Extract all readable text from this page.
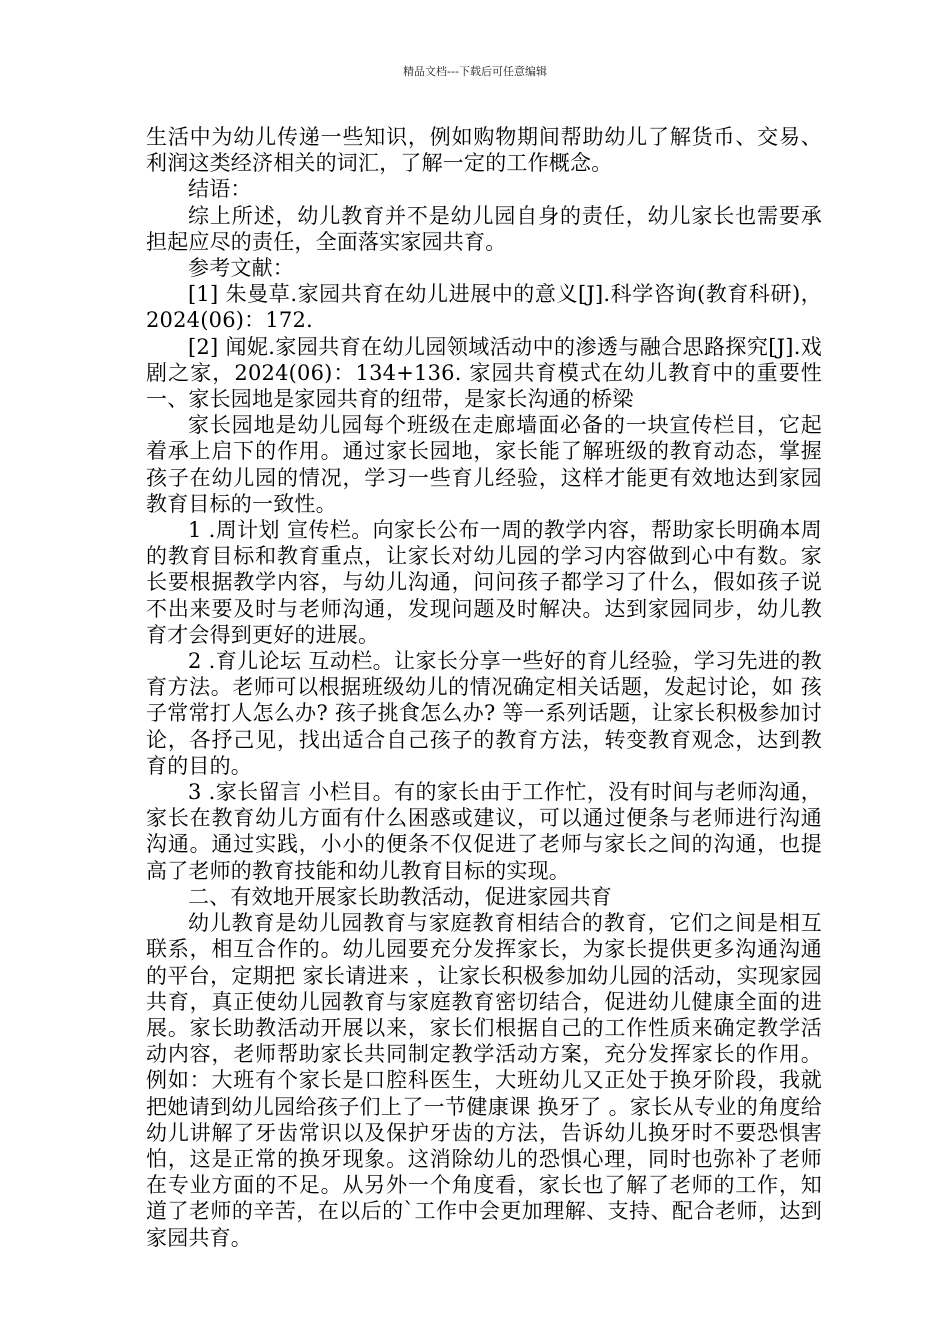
精品文档---下载后可任意编辑

生活中为幼儿传递一些知识，例如购物期间帮助幼儿了解货币、交易、利润这类经济相关的词汇，了解一定的工作概念。

结语：

综上所述，幼儿教育并不是幼儿园自身的责任，幼儿家长也需要承担起应尽的责任，全面落实家园共育。

参考文献：

[1] 朱曼草.家园共育在幼儿进展中的意义[J].科学咨询(教育科研)，2024(06)：172.

[2] 闻妮.家园共育在幼儿园领域活动中的渗透与融合思路探究[J].戏剧之家，2024(06)：134+136. 家园共育模式在幼儿教育中的重要性 一、家长园地是家园共育的纽带，是家长沟通的桥梁

家长园地是幼儿园每个班级在走廊墙面必备的一块宣传栏目，它起着承上启下的作用。通过家长园地，家长能了解班级的教育动态，掌握孩子在幼儿园的情况，学习一些育儿经验，这样才能更有效地达到家园教育目标的一致性。

1 .周计划 宣传栏。向家长公布一周的教学内容，帮助家长明确本周的教育目标和教育重点，让家长对幼儿园的学习内容做到心中有数。家长要根据教学内容，与幼儿沟通，问问孩子都学习了什么，假如孩子说不出来要及时与老师沟通，发现问题及时解决。达到家园同步，幼儿教育才会得到更好的进展。

2 .育儿论坛 互动栏。让家长分享一些好的育儿经验，学习先进的教育方法。老师可以根据班级幼儿的情况确定相关话题，发起讨论，如 孩子常常打人怎么办? 孩子挑食怎么办? 等一系列话题，让家长积极参加讨论，各抒己见，找出适合自己孩子的教育方法，转变教育观念，达到教育的目的。

3 .家长留言 小栏目。有的家长由于工作忙，没有时间与老师沟通，家长在教育幼儿方面有什么困惑或建议，可以通过便条与老师进行沟通沟通。通过实践，小小的便条不仅促进了老师与家长之间的沟通，也提高了老师的教育技能和幼儿教育目标的实现。

二、有效地开展家长助教活动，促进家园共育

幼儿教育是幼儿园教育与家庭教育相结合的教育，它们之间是相互联系，相互合作的。幼儿园要充分发挥家长，为家长提供更多沟通沟通的平台，定期把 家长请进来 ，让家长积极参加幼儿园的活动，实现家园共育，真正使幼儿园教育与家庭教育密切结合，促进幼儿健康全面的进展。家长助教活动开展以来，家长们根据自己的工作性质来确定教学活动内容，老师帮助家长共同制定教学活动方案，充分发挥家长的作用。例如：大班有个家长是口腔科医生，大班幼儿又正处于换牙阶段，我就把她请到幼儿园给孩子们上了一节健康课 换牙了 。家长从专业的角度给幼儿讲解了牙齿常识以及保护牙齿的方法，告诉幼儿换牙时不要恐惧害怕，这是正常的换牙现象。这消除幼儿的恐惧心理，同时也弥补了老师在专业方面的不足。从另外一个角度看，家长也了解了老师的工作，知道了老师的辛苦，在以后的`工作中会更加理解、支持、配合老师，达到家园共育。
